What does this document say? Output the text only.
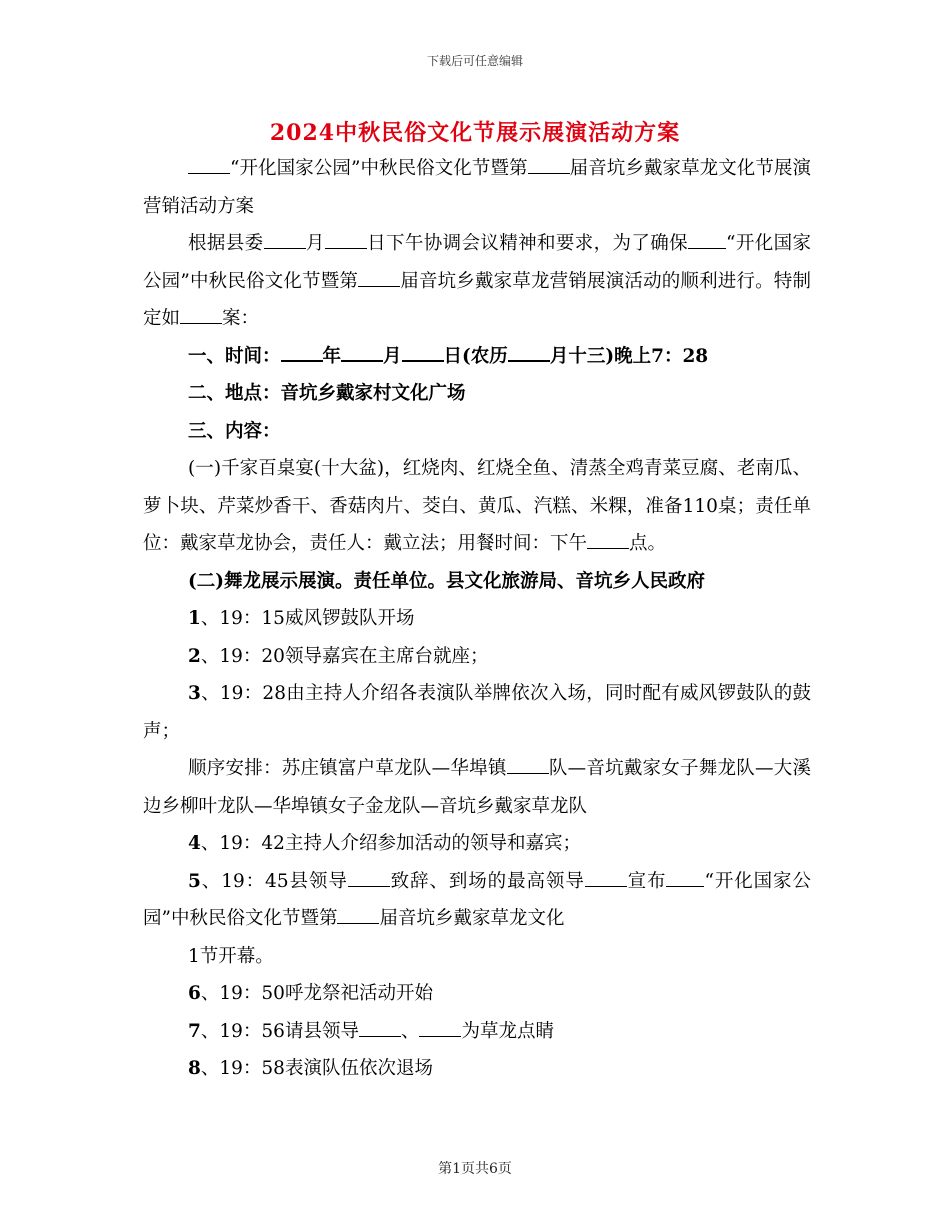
下载后可任意编辑
2024中秋民俗文化节展示展演活动方案

“开化国家公园”中秋民俗文化节暨第 届音坑乡戴家草龙文化节展演营销活动方案

根据县委 月 日下午协调会议精神和要求，为了确保 “开化国家公园”中秋民俗文化节暨第 届音坑乡戴家草龙营销展演活动的顺利进行。特制定如 案：

一、时间： 年 月 日(农历 月十三)晚上7：28

二、地点：音坑乡戴家村文化广场

三、内容：

(一)千家百桌宴(十大盆)，红烧肉、红烧全鱼、清蒸全鸡青菜豆腐、老南瓜、萝卜块、芹菜炒香干、香菇肉片、茭白、黄瓜、汽糕、米粿，准备110桌；责任单位：戴家草龙协会，责任人：戴立法；用餐时间：下午 点。

(二)舞龙展示展演。责任单位。县文化旅游局、音坑乡人民政府

1、19：15威风锣鼓队开场

2、19：20领导嘉宾在主席台就座；

3、19：28由主持人介绍各表演队举牌依次入场，同时配有威风锣鼓队的鼓声；

顺序安排：苏庄镇富户草龙队—华埠镇 队—音坑戴家女子舞龙队—大溪边乡柳叶龙队—华埠镇女子金龙队—音坑乡戴家草龙队

4、19：42主持人介绍参加活动的领导和嘉宾；

5、19：45县领导 致辞、到场的最高领导 宣布 “开化国家公园”中秋民俗文化节暨第 届音坑乡戴家草龙文化

1节开幕。

6、19：50呼龙祭祀活动开始

7、19：56请县领导 、 为草龙点睛

8、19：58表演队伍依次退场

第1页共6页
